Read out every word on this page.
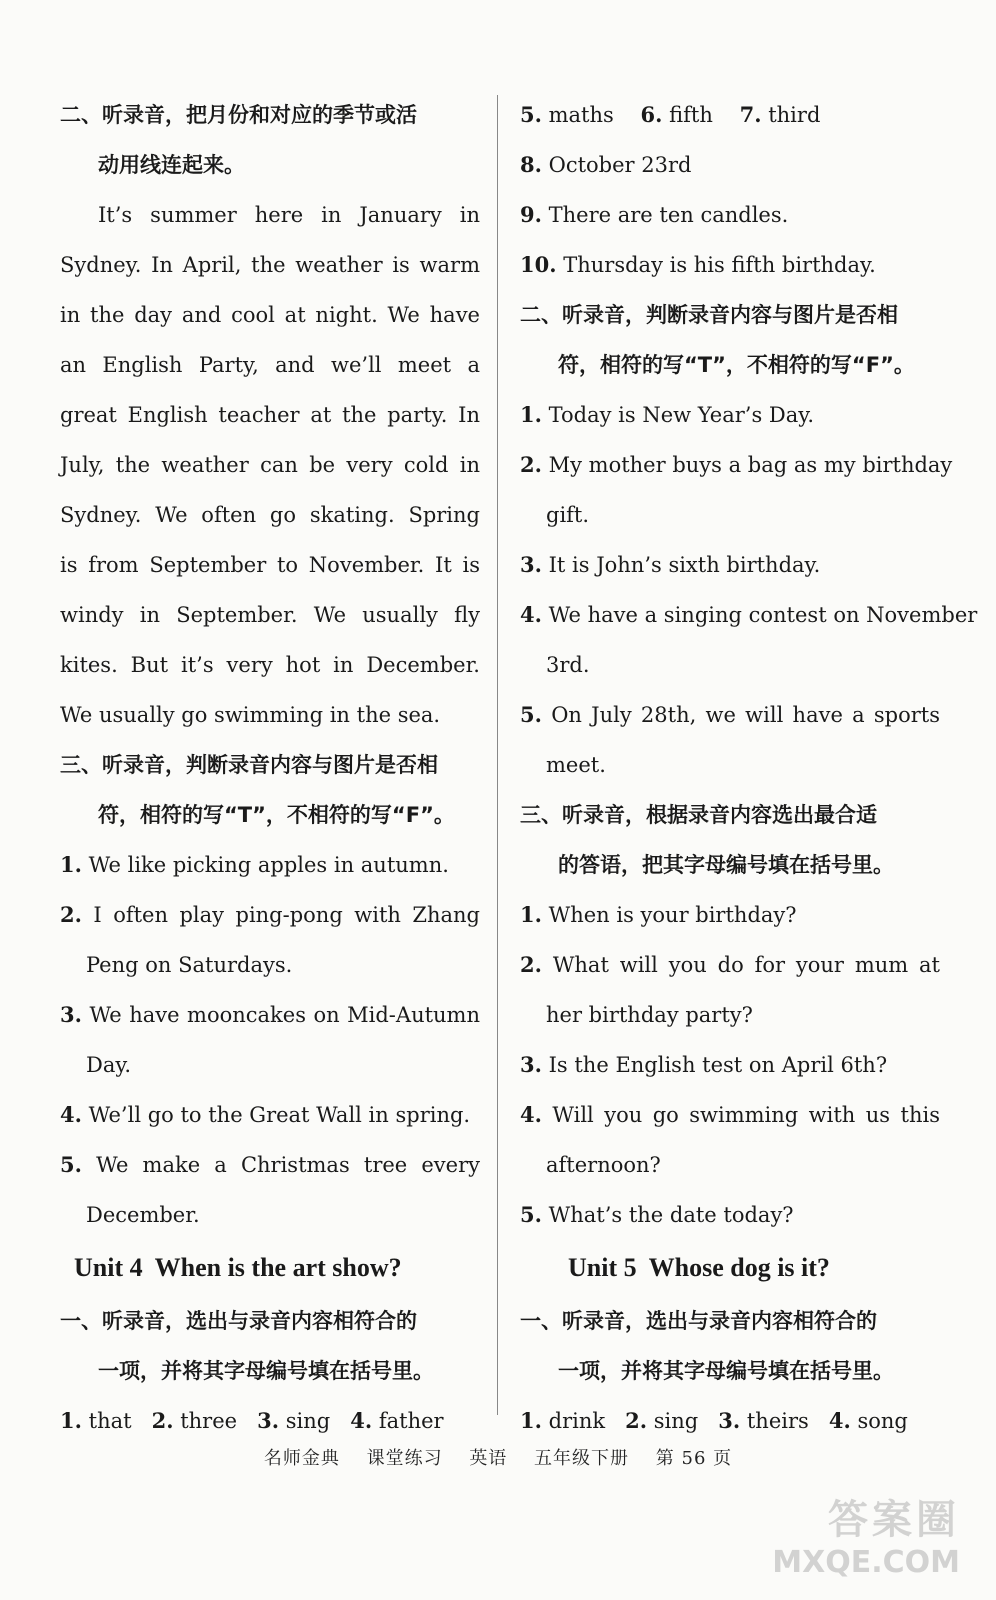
二、听录音，把月份和对应的季节或活
动用线连起来。
It’s summer here in January in
Sydney. In April, the weather is warm
in the day and cool at night. We have
an English Party, and we’ll meet a
great English teacher at the party. In
July, the weather can be very cold in
Sydney. We often go skating. Spring
is from September to November. It is
windy in September. We usually fly
kites. But it’s very hot in December.
We usually go swimming in the sea.
三、听录音，判断录音内容与图片是否相
符，相符的写“T”，不相符的写“F”。
1. We like picking apples in autumn.
2. I often play ping-pong with Zhang
Peng on Saturdays.
3. We have mooncakes on Mid-Autumn
Day.
4. We’ll go to the Great Wall in spring.
5. We make a Christmas tree every
December.
Unit 4 When is the art show?
一、听录音，选出与录音内容相符合的
一项，并将其字母编号填在括号里。
1. that 2. three 3. sing 4. father
5. maths 6. fifth 7. third
8. October 23rd
9. There are ten candles.
10. Thursday is his fifth birthday.
二、听录音，判断录音内容与图片是否相
符，相符的写“T”，不相符的写“F”。
1. Today is New Year’s Day.
2. My mother buys a bag as my birthday
gift.
3. It is John’s sixth birthday.
4. We have a singing contest on November
3rd.
5. On July 28th, we will have a sports
meet.
三、听录音，根据录音内容选出最合适
的答语，把其字母编号填在括号里。
1. When is your birthday?
2. What will you do for your mum at
her birthday party?
3. Is the English test on April 6th?
4. Will you go swimming with us this
afternoon?
5. What’s the date today?
Unit 5 Whose dog is it?
一、听录音，选出与录音内容相符合的
一项，并将其字母编号填在括号里。
1. drink 2. sing 3. theirs 4. song
名师金典 课堂练习 英语 五年级下册 第 56 页
答案圈
MXQE.COM
